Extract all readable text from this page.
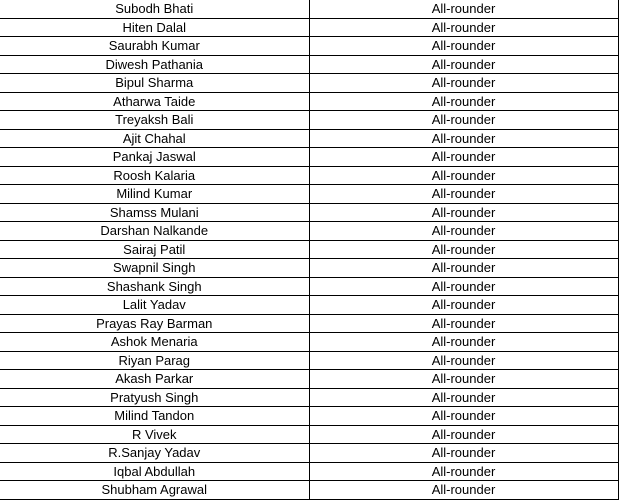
Subodh Bhati	All-rounder
Hiten Dalal	All-rounder
Saurabh Kumar	All-rounder
Diwesh Pathania	All-rounder
Bipul Sharma	All-rounder
Atharwa Taide	All-rounder
Treyaksh Bali	All-rounder
Ajit Chahal	All-rounder
Pankaj Jaswal	All-rounder
Roosh Kalaria	All-rounder
Milind Kumar	All-rounder
Shamss Mulani	All-rounder
Darshan Nalkande	All-rounder
Sairaj Patil	All-rounder
Swapnil Singh	All-rounder
Shashank Singh	All-rounder
Lalit Yadav	All-rounder
Prayas Ray Barman	All-rounder
Ashok Menaria	All-rounder
Riyan Parag	All-rounder
Akash Parkar	All-rounder
Pratyush Singh	All-rounder
Milind Tandon	All-rounder
R Vivek	All-rounder
R.Sanjay Yadav	All-rounder
Iqbal Abdullah	All-rounder
Shubham Agrawal	All-rounder
